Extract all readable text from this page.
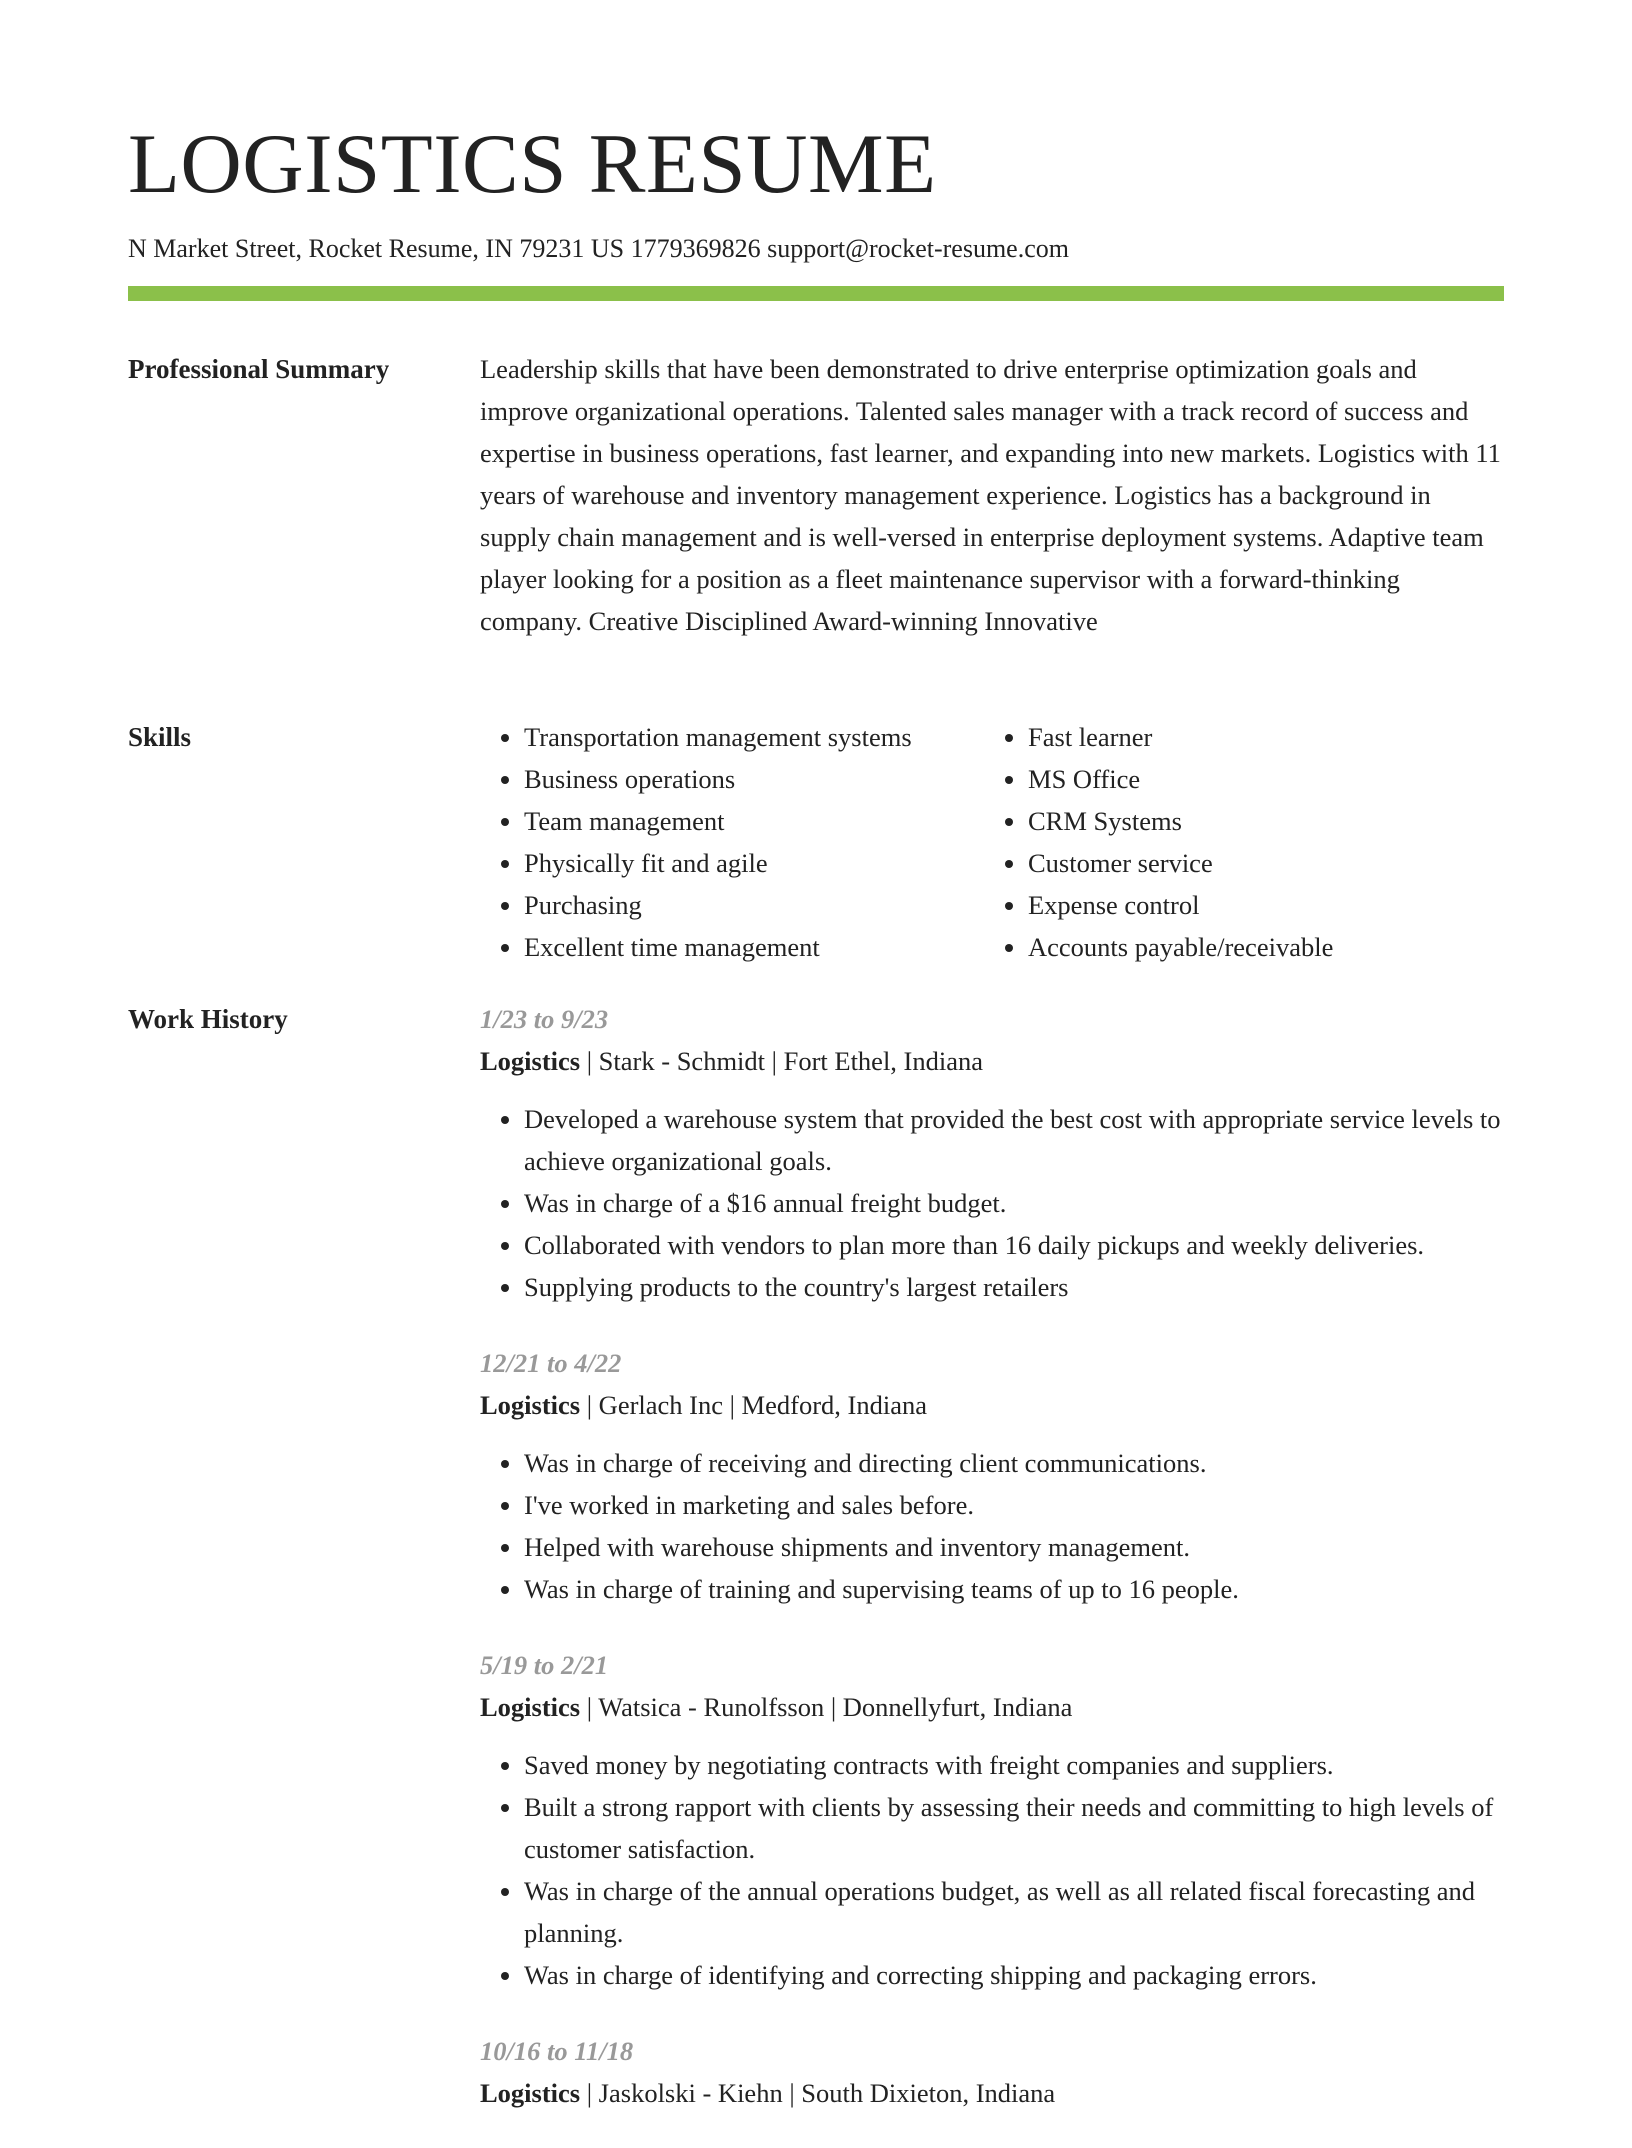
LOGISTICS RESUME
N Market Street, Rocket Resume, IN 79231 US 1779369826 support@rocket-resume.com
Professional Summary	Leadership skills that have been demonstrated to drive enterprise optimization goals and improve organizational operations. Talented sales manager with a track record of success and expertise in business operations, fast learner, and expanding into new markets. Logistics with 11 years of warehouse and inventory management experience. Logistics has a background in supply chain management and is well-versed in enterprise deployment systems. Adaptive team player looking for a position as a fleet maintenance supervisor with a forward-thinking company. Creative Disciplined Award-winning Innovative

Skills
•	Transportation management systems
• Business operations
• Team management
• Physically fit and agile
• Purchasing
• Excellent time management
• Fast learner
• MS Office
• CRM Systems
• Customer service
• Expense control
• Accounts payable/receivable
Work History	1/23 to 9/23
Logistics | Stark - Schmidt | Fort Ethel, Indiana
• Developed a warehouse system that provided the best cost with appropriate service levels to achieve organizational goals.
• Was in charge of a $16 annual freight budget.
• Collaborated with vendors to plan more than 16 daily pickups and weekly deliveries.
• Supplying products to the country's largest retailers
12/21 to 4/22
Logistics | Gerlach Inc | Medford, Indiana
• Was in charge of receiving and directing client communications.
• I've worked in marketing and sales before.
• Helped with warehouse shipments and inventory management.
• Was in charge of training and supervising teams of up to 16 people.
5/19 to 2/21
Logistics | Watsica - Runolfsson | Donnellyfurt, Indiana
• Saved money by negotiating contracts with freight companies and suppliers.
• Built a strong rapport with clients by assessing their needs and committing to high levels of customer satisfaction.
• Was in charge of the annual operations budget, as well as all related fiscal forecasting and planning.
• Was in charge of identifying and correcting shipping and packaging errors.
10/16 to 11/18
Logistics | Jaskolski - Kiehn | South Dixieton, Indiana
